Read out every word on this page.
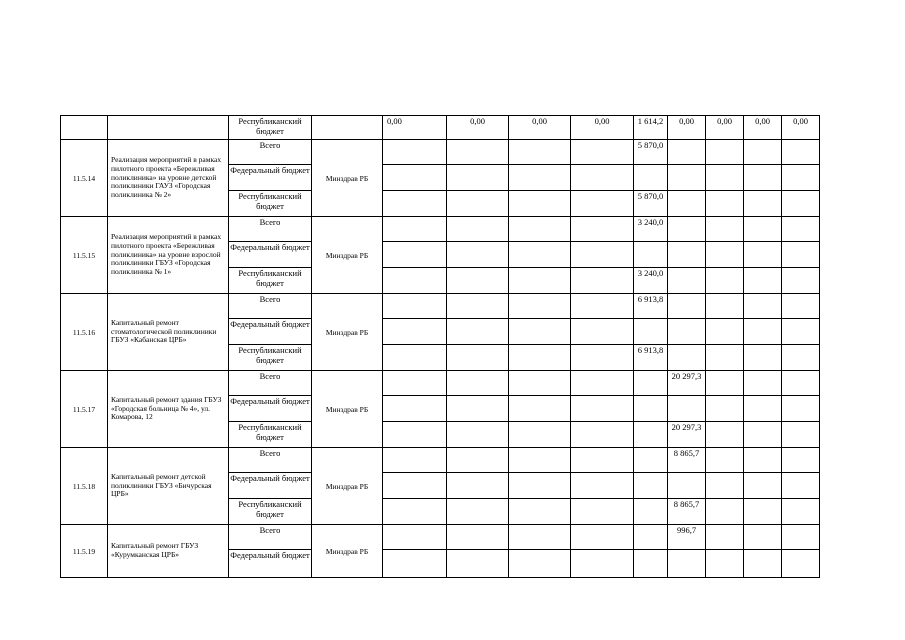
		Республиканский бюджет		0,00	0,00	0,00	0,00	1 614,2	0,00	0,00	0,00	0,00
11.5.14	Реализация мероприятий в рамках пилотного проекта «Бережливая поликлиника» на уровне детской поликлиники ГАУЗ «Городская поликлиника № 2»	Всего	Минздрав РБ					5 870,0				
		Федеральный бюджет										
		Республиканский бюджет						5 870,0				
11.5.15	Реализация мероприятий в рамках пилотного проекта «Бережливая поликлиника» на уровне взрослой поликлиники ГБУЗ «Городская поликлиника № 1»	Всего	Минздрав РБ					3 240,0				
		Федеральный бюджет										
		Республиканский бюджет						3 240,0				
11.5.16	Капитальный ремонт стоматологической поликлиники ГБУЗ «Кабанская ЦРБ»	Всего	Минздрав РБ					6 913,8				
		Федеральный бюджет										
		Республиканский бюджет						6 913,8				
11.5.17	Капитальный ремонт здания ГБУЗ «Городская больница № 4», ул. Комарова, 12	Всего	Минздрав РБ						20 297,3			
		Федеральный бюджет										
		Республиканский бюджет							20 297,3			
11.5.18	Капитальный ремонт детской поликлиники ГБУЗ «Бичурская ЦРБ»	Всего	Минздрав РБ						8 865,7			
		Федеральный бюджет										
		Республиканский бюджет							8 865,7			
11.5.19	Капитальный ремонт ГБУЗ «Курумканская ЦРБ»	Всего	Минздрав РБ						996,7			
		Федеральный бюджет										
